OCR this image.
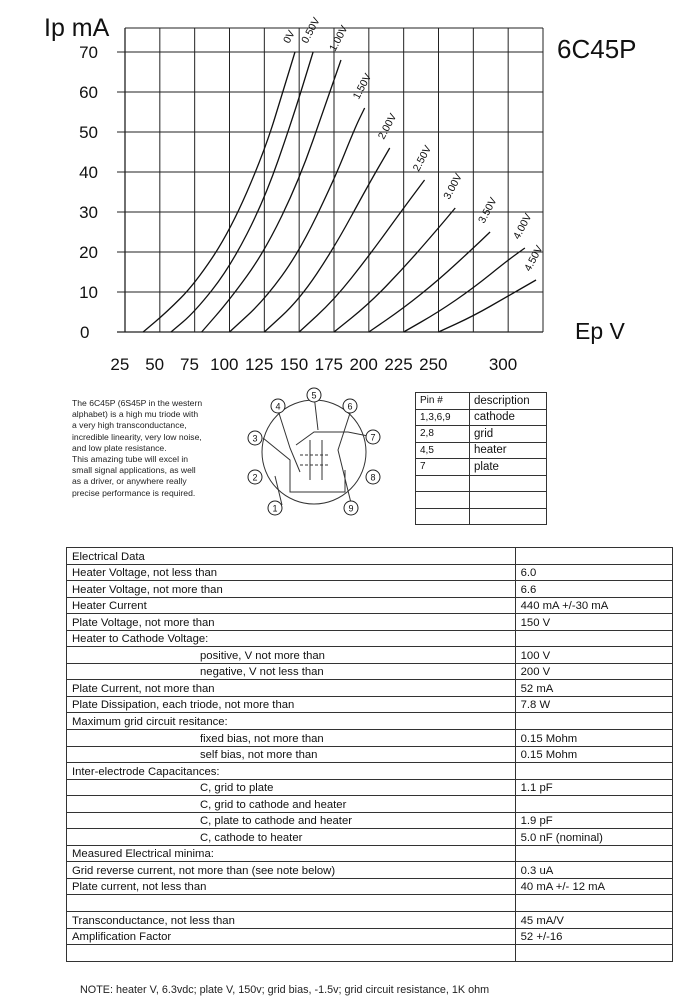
0V 0.50V 1.00V
1.50V
2.00V
2.50V
3.00V
3.50V
4.00V
4.50V
0
10
20
30
40
50
60
70
25 50 75 100 125 150 175 200 225 250 300
Ip mA
Ep V
6C45P

The 6C45P (6S45P in the western

alphabet) is a high mu triode with

a very high transconductance,

incredible linearity, very low noise,

and low plate resistance.

This amazing tube will excel in

small signal applications, as well

as a driver, or anywhere really

precise performance is required.

1
2
3
4
5
6
7
8
9
Pin #	description
1,3,6,9	cathode
2,8	grid
4,5	heater
7	plate

Electrical Data	
Heater Voltage, not less than	6.0
Heater Voltage, not more than	6.6
Heater Current	440 mA +/-30 mA
Plate Voltage, not more than	150 V
Heater to Cathode Voltage:	
positive, V not more than	100 V
negative, V not less than	200 V
Plate Current, not more than	52 mA
Plate Dissipation, each triode, not more than	7.8 W
Maximum grid circuit resitance:	
fixed bias, not more than	0.15 Mohm
self bias, not more than	0.15 Mohm
Inter-electrode Capacitances:	
C, grid to plate	1.1 pF
C, grid to cathode and heater	
C, plate to cathode and heater	1.9 pF
C, cathode to heater	5.0 nF (nominal)
Measured Electrical minima:	
Grid reverse current, not more than (see note below)	0.3 uA
Plate current, not less than	40 mA +/- 12 mA

Transconductance, not less than	45 mA/V
Amplification Factor	52 +/-16

NOTE: heater V, 6.3vdc; plate V, 150v; grid bias, -1.5v; grid circuit resistance, 1K ohm
